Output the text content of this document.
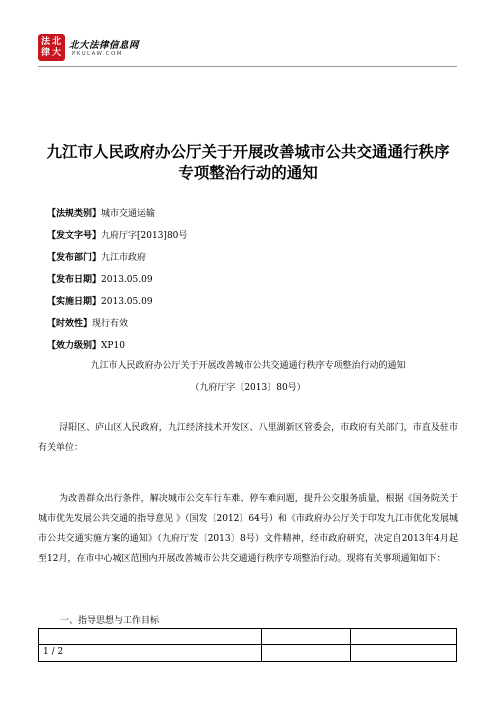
法 北
律 大
北大法律信息网
PKULAW.COM
九江市人民政府办公厅关于开展改善城市公共交通通行秩序
专项整治行动的通知
【法规类别】城市交通运输
【发文字号】九府厅字[2013]80号
【发布部门】九江市政府
【发布日期】2013.05.09
【实施日期】2013.05.09
【时效性】现行有效
【效力级别】XP10
九江市人民政府办公厅关于开展改善城市公共交通通行秩序专项整治行动的通知
（九府厅字〔2013〕80号）

浔阳区、庐山区人民政府，九江经济技术开发区、八里湖新区管委会，市政府有关部门，市直及驻市有关单位：

为改善群众出行条件，解决城市公交车行车难、停车难问题，提升公交服务质量，根据《国务院关于城市优先发展公共交通的指导意见 》（国发〔2012〕64号）和《市政府办公厅关于印发九江市优化发展城市公共交通实施方案的通知》（九府厅发〔2013〕8号）文件精神，经市政府研究，决定自2013年4月起至12月，在市中心城区范围内开展改善城市公共交通通行秩序专项整治行动。现将有关事项通知如下：

一、指导思想与工作目标
1 / 2
